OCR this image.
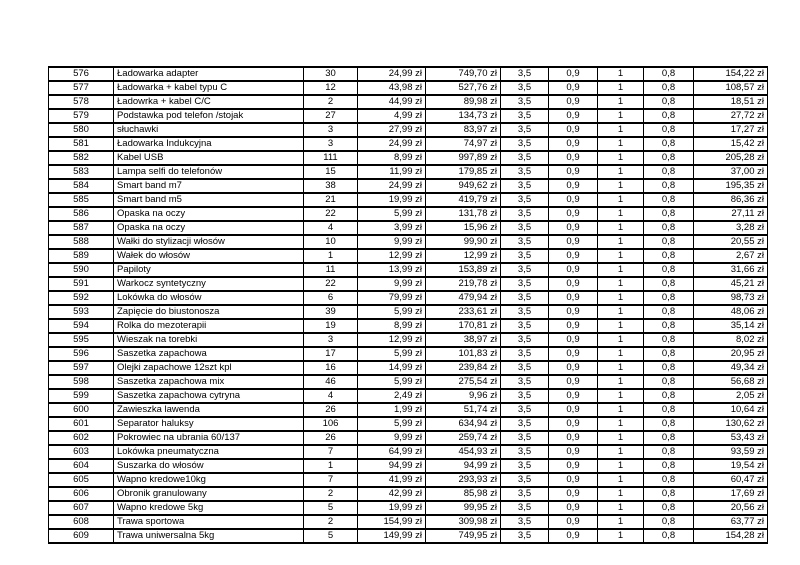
576	Ładowarka adapter	30	24,99 zł	749,70 zł	3,5	0,9	1	0,8	154,22 zł
577	Ładowarka + kabel typu C	12	43,98 zł	527,76 zł	3,5	0,9	1	0,8	108,57 zł
578	Ładowrka + kabel C/C	2	44,99 zł	89,98 zł	3,5	0,9	1	0,8	18,51 zł
579	Podstawka pod telefon /stojak	27	4,99 zł	134,73 zł	3,5	0,9	1	0,8	27,72 zł
580	słuchawki	3	27,99 zł	83,97 zł	3,5	0,9	1	0,8	17,27 zł
581	Ładowarka Indukcyjna	3	24,99 zł	74,97 zł	3,5	0,9	1	0,8	15,42 zł
582	Kabel USB	111	8,99 zł	997,89 zł	3,5	0,9	1	0,8	205,28 zł
583	Lampa selfi do telefonów	15	11,99 zł	179,85 zł	3,5	0,9	1	0,8	37,00 zł
584	Smart band m7	38	24,99 zł	949,62 zł	3,5	0,9	1	0,8	195,35 zł
585	Smart band m5	21	19,99 zł	419,79 zł	3,5	0,9	1	0,8	86,36 zł
586	Opaska na oczy	22	5,99 zł	131,78 zł	3,5	0,9	1	0,8	27,11 zł
587	Opaska na oczy	4	3,99 zł	15,96 zł	3,5	0,9	1	0,8	3,28 zł
588	Wałki do stylizacji włosów	10	9,99 zł	99,90 zł	3,5	0,9	1	0,8	20,55 zł
589	Wałek do włosów	1	12,99 zł	12,99 zł	3,5	0,9	1	0,8	2,67 zł
590	Papiloty	11	13,99 zł	153,89 zł	3,5	0,9	1	0,8	31,66 zł
591	Warkocz syntetyczny	22	9,99 zł	219,78 zł	3,5	0,9	1	0,8	45,21 zł
592	Lokówka do włosów	6	79,99 zł	479,94 zł	3,5	0,9	1	0,8	98,73 zł
593	Zapięcie do biustonosza	39	5,99 zł	233,61 zł	3,5	0,9	1	0,8	48,06 zł
594	Rolka do mezoterapii	19	8,99 zł	170,81 zł	3,5	0,9	1	0,8	35,14 zł
595	Wieszak na torebki	3	12,99 zł	38,97 zł	3,5	0,9	1	0,8	8,02 zł
596	Saszetka zapachowa	17	5,99 zł	101,83 zł	3,5	0,9	1	0,8	20,95 zł
597	Olejki zapachowe 12szt kpl	16	14,99 zł	239,84 zł	3,5	0,9	1	0,8	49,34 zł
598	Saszetka zapachowa mix	46	5,99 zł	275,54 zł	3,5	0,9	1	0,8	56,68 zł
599	Saszetka zapachowa cytryna	4	2,49 zł	9,96 zł	3,5	0,9	1	0,8	2,05 zł
600	Zawieszka lawenda	26	1,99 zł	51,74 zł	3,5	0,9	1	0,8	10,64 zł
601	Separator haluksy	106	5,99 zł	634,94 zł	3,5	0,9	1	0,8	130,62 zł
602	Pokrowiec na ubrania 60/137	26	9,99 zł	259,74 zł	3,5	0,9	1	0,8	53,43 zł
603	Lokówka pneumatyczna	7	64,99 zł	454,93 zł	3,5	0,9	1	0,8	93,59 zł
604	Suszarka do włosów	1	94,99 zł	94,99 zł	3,5	0,9	1	0,8	19,54 zł
605	Wapno kredowe10kg	7	41,99 zł	293,93 zł	3,5	0,9	1	0,8	60,47 zł
606	Obronik granulowany	2	42,99 zł	85,98 zł	3,5	0,9	1	0,8	17,69 zł
607	Wapno kredowe 5kg	5	19,99 zł	99,95 zł	3,5	0,9	1	0,8	20,56 zł
608	Trawa sportowa	2	154,99 zł	309,98 zł	3,5	0,9	1	0,8	63,77 zł
609	Trawa uniwersalna 5kg	5	149,99 zł	749,95 zł	3,5	0,9	1	0,8	154,28 zł
